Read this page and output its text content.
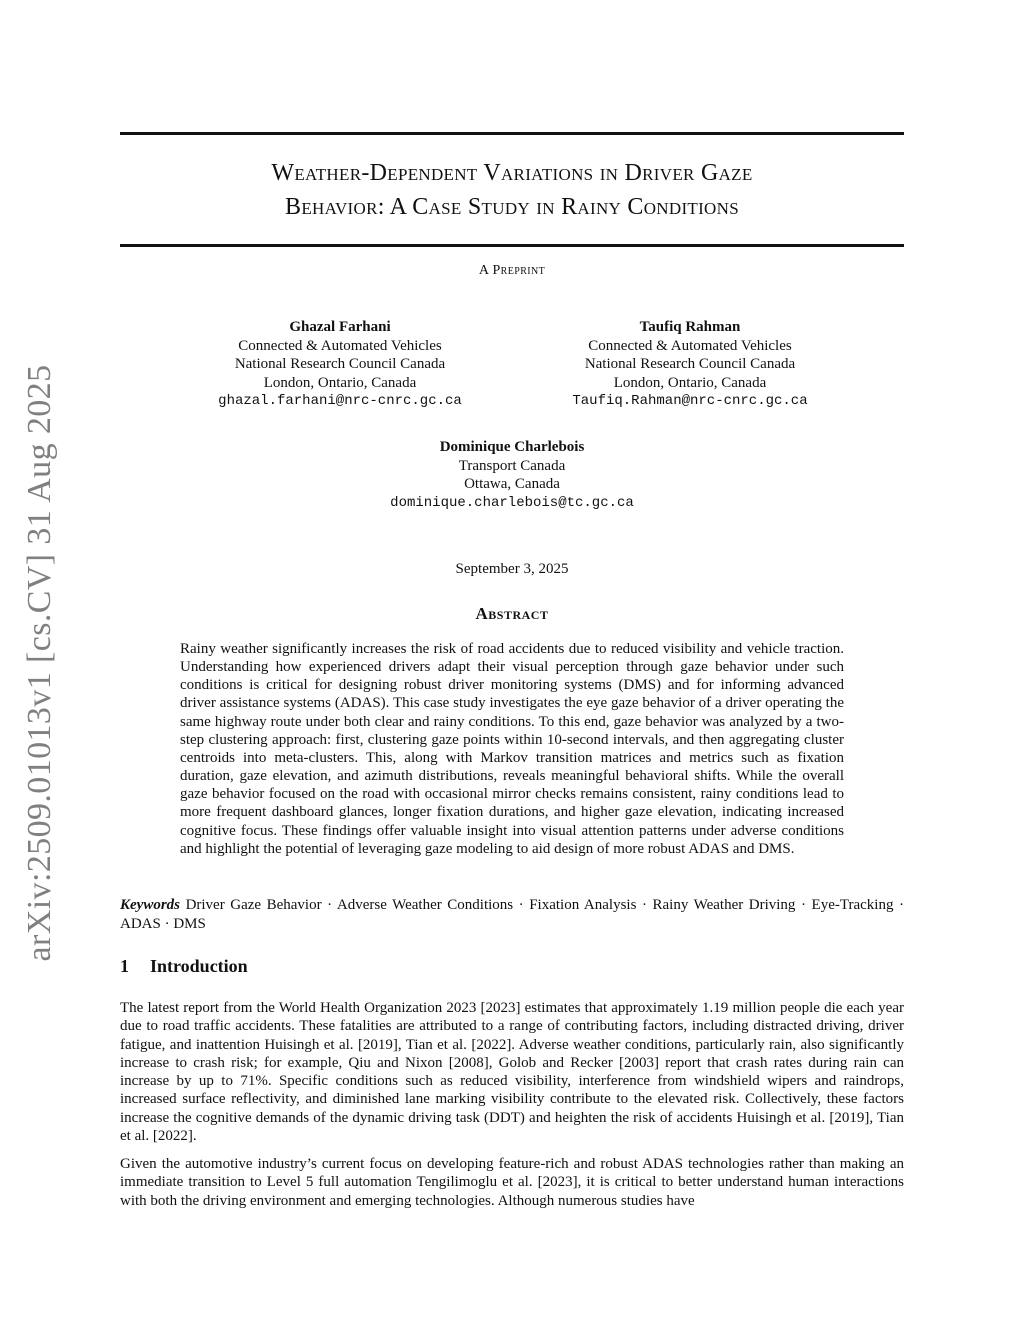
arXiv:2509.01013v1 [cs.CV] 31 Aug 2025
Weather-Dependent Variations in Driver Gaze
Behavior: A Case Study in Rainy Conditions
A Preprint
Ghazal Farhani
Connected & Automated Vehicles
National Research Council Canada
London, Ontario, Canada
ghazal.farhani@nrc-cnrc.gc.ca
Taufiq Rahman
Connected & Automated Vehicles
National Research Council Canada
London, Ontario, Canada
Taufiq.Rahman@nrc-cnrc.gc.ca
Dominique Charlebois
Transport Canada
Ottawa, Canada
dominique.charlebois@tc.gc.ca
September 3, 2025
Abstract
Rainy weather significantly increases the risk of road accidents due to reduced visibility and vehicle traction. Understanding how experienced drivers adapt their visual perception through gaze behavior under such conditions is critical for designing robust driver monitoring systems (DMS) and for informing advanced driver assistance systems (ADAS). This case study investigates the eye gaze behavior of a driver operating the same highway route under both clear and rainy conditions. To this end, gaze behavior was analyzed by a two-step clustering approach: first, clustering gaze points within 10-second intervals, and then aggregating cluster centroids into meta-clusters. This, along with Markov transition matrices and metrics such as fixation duration, gaze elevation, and azimuth distributions, reveals meaningful behavioral shifts. While the overall gaze behavior focused on the road with occasional mirror checks remains consistent, rainy conditions lead to more frequent dashboard glances, longer fixation durations, and higher gaze elevation, indicating increased cognitive focus. These findings offer valuable insight into visual attention patterns under adverse conditions and highlight the potential of leveraging gaze modeling to aid design of more robust ADAS and DMS.
Keywords Driver Gaze Behavior · Adverse Weather Conditions · Fixation Analysis · Rainy Weather Driving · Eye-Tracking · ADAS · DMS
1 Introduction
The latest report from the World Health Organization 2023 [2023] estimates that approximately 1.19 million people die each year due to road traffic accidents. These fatalities are attributed to a range of contributing factors, including distracted driving, driver fatigue, and inattention Huisingh et al. [2019], Tian et al. [2022]. Adverse weather conditions, particularly rain, also significantly increase to crash risk; for example, Qiu and Nixon [2008], Golob and Recker [2003] report that crash rates during rain can increase by up to 71%. Specific conditions such as reduced visibility, interference from windshield wipers and raindrops, increased surface reflectivity, and diminished lane marking visibility contribute to the elevated risk. Collectively, these factors increase the cognitive demands of the dynamic driving task (DDT) and heighten the risk of accidents Huisingh et al. [2019], Tian et al. [2022].
Given the automotive industry’s current focus on developing feature-rich and robust ADAS technologies rather than making an immediate transition to Level 5 full automation Tengilimoglu et al. [2023], it is critical to better understand human interactions with both the driving environment and emerging technologies. Although numerous studies have
